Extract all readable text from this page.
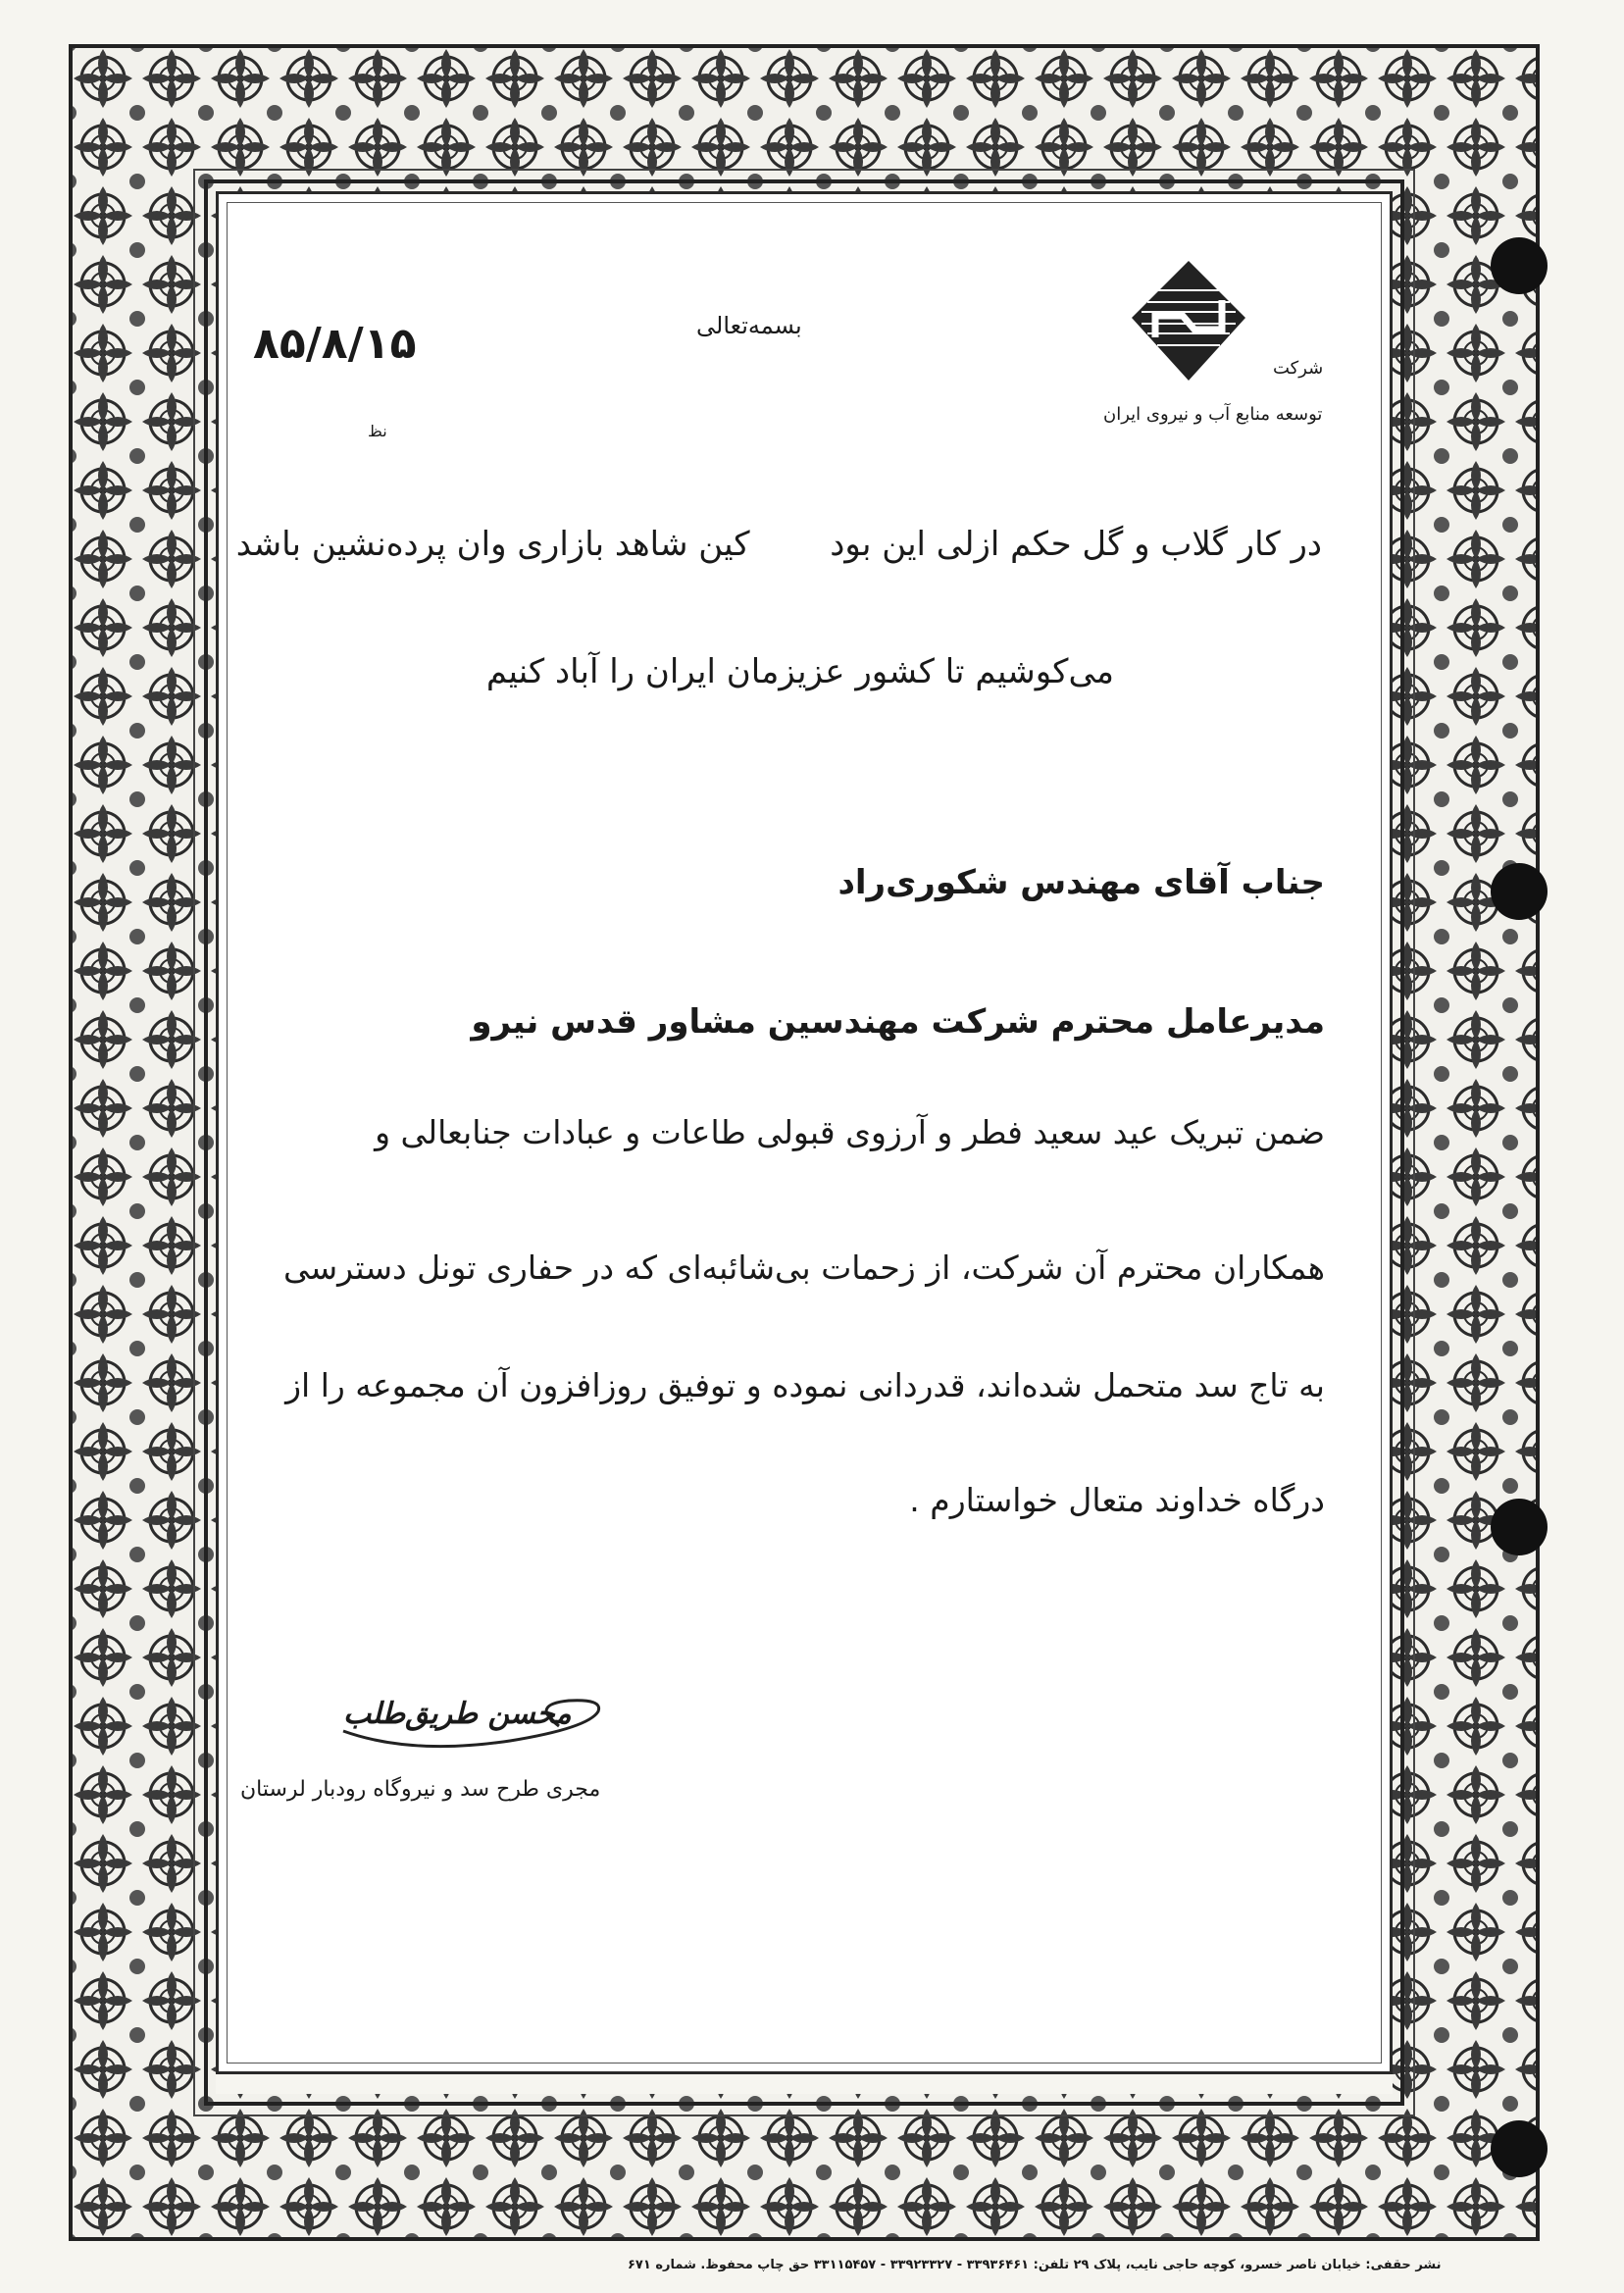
۸۵/۸/۱۵	بسمه‌تعالی
شرکت
توسعه منابع آب و نیروی ایران
نظ
در کار گلاب و گل حکم ازلی این بود  کین شاهد بازاری وان پرده‌نشین باشد
می‌کوشیم تا کشور عزیزمان ایران را آباد کنیم
جناب آقای مهندس شکوری‌راد
مدیرعامل محترم شرکت مهندسین مشاور قدس نیرو
ضمن تبریک عید سعید فطر و آرزوی قبولی طاعات و عبادات جنابعالی و
همکاران محترم آن شرکت، از زحمات بی‌شائبه‌ای که در حفاری تونل دسترسی
به تاج سد متحمل شده‌اند، قدردانی نموده و توفیق روزافزون آن مجموعه را از
درگاه خداوند متعال خواستارم .
محسن طریق‌طلب
مجری طرح سد و نیروگاه رودبار لرستان
نشر حقفی: خیابان ناصر خسرو، کوچه حاجی نایب، پلاک ۲۹ تلفن: ۳۳۹۳۶۴۶۱ - ۳۳۹۲۳۳۲۷ - ۳۳۱۱۵۴۵۷ حق چاپ محفوظ. شماره ۶۷۱
